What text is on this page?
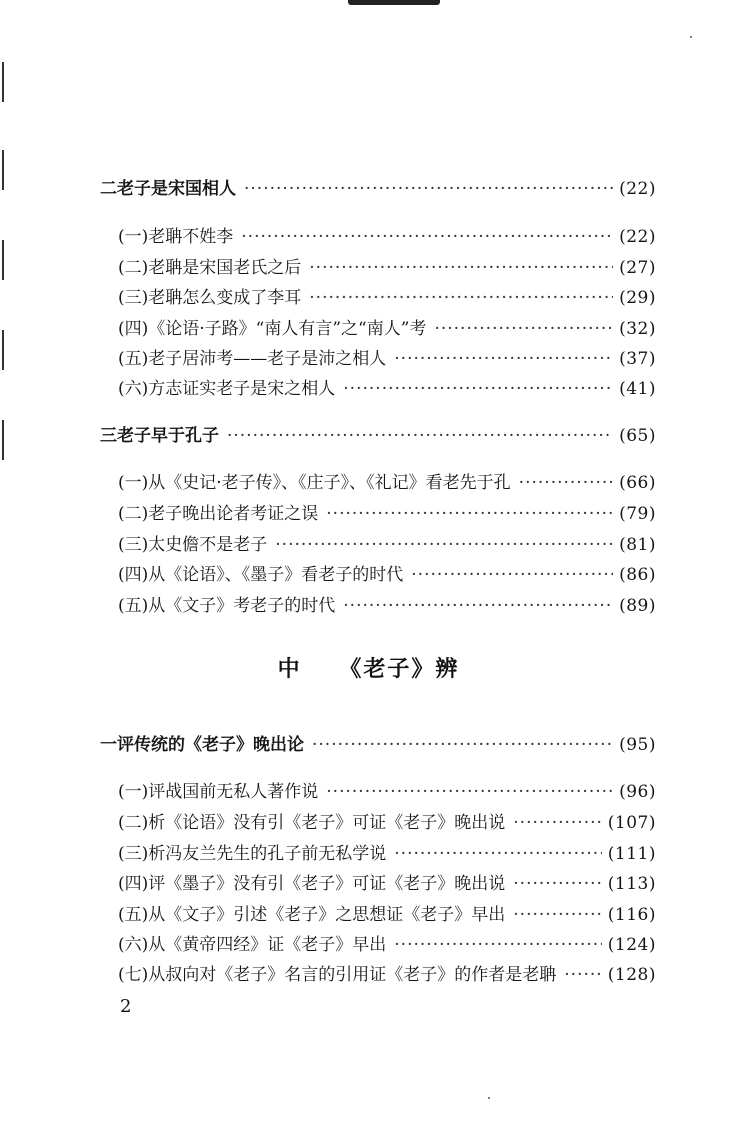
二 老子是宋国相人 ·····	(22)
(一)老聃不姓李 ·····	(22)
(二)老聃是宋国老氏之后 ·····	(27)
(三)老聃怎么变成了李耳 ·····	(29)
(四)《论语·子路》“南人有言”之“南人”考 ·····	(32)
(五)老子居沛考——老子是沛之相人 ·····	(37)
(六)方志证实老子是宋之相人 ·····	(41)
三 老子早于孔子 ·····	(65)
(一)从《史记·老子传》、《庄子》、《礼记》看老先于孔 ·····	(66)
(二)老子晚出论者考证之误 ·····	(79)
(三)太史儋不是老子 ·····	(81)
(四)从《论语》、《墨子》看老子的时代 ·····	(86)
(五)从《文子》考老子的时代 ·····	(89)
一 评传统的《老子》晚出论 ·····	(95)
(一)评战国前无私人著作说 ·····	(96)
(二)析《论语》没有引《老子》可证《老子》晚出说 ·····	(107)
(三)析冯友兰先生的孔子前无私学说 ·····	(111)
(四)评《墨子》没有引《老子》可证《老子》晚出说 ·····	(113)
(五)从《文子》引述《老子》之思想证《老子》早出 ·····	(116)
(六)从《黄帝四经》证《老子》早出 ·····	(124)
(七)从叔向对《老子》名言的引用证《老子》的作者是老聃 ·····	(128)
中 《老子》辨
2
